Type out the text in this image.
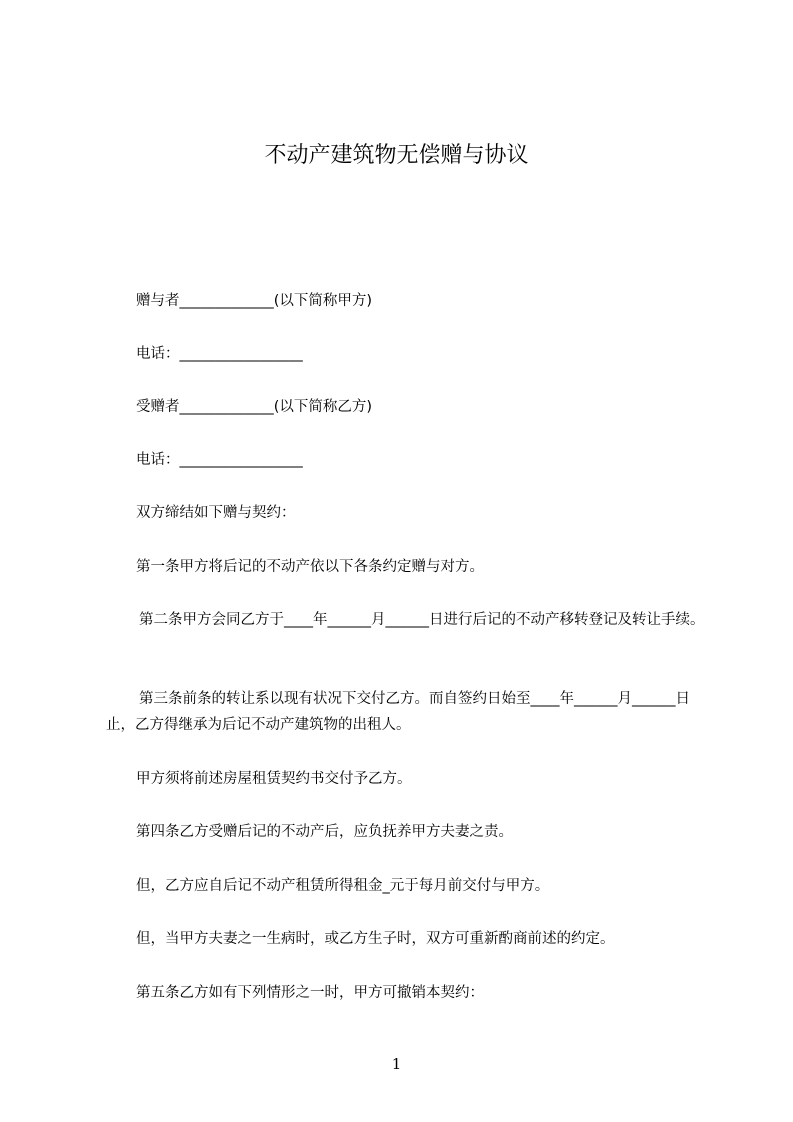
不动产建筑物无偿赠与协议
赠与者_____________(以下简称甲方)
电话：_________________
受赠者_____________(以下简称乙方)
电话：_________________
双方缔结如下赠与契约：
第一条甲方将后记的不动产依以下各条约定赠与对方。
第二条甲方会同乙方于____年______月______日进行后记的不动产移转登记及转让手续。
第三条前条的转让系以现有状况下交付乙方。而自签约日始至____年______月______日止，乙方得继承为后记不动产建筑物的出租人。
甲方须将前述房屋租赁契约书交付予乙方。
第四条乙方受赠后记的不动产后，应负抚养甲方夫妻之责。
但，乙方应自后记不动产租赁所得租金_元于每月前交付与甲方。
但，当甲方夫妻之一生病时，或乙方生子时，双方可重新酌商前述的约定。
第五条乙方如有下列情形之一时，甲方可撤销本契约：
1
